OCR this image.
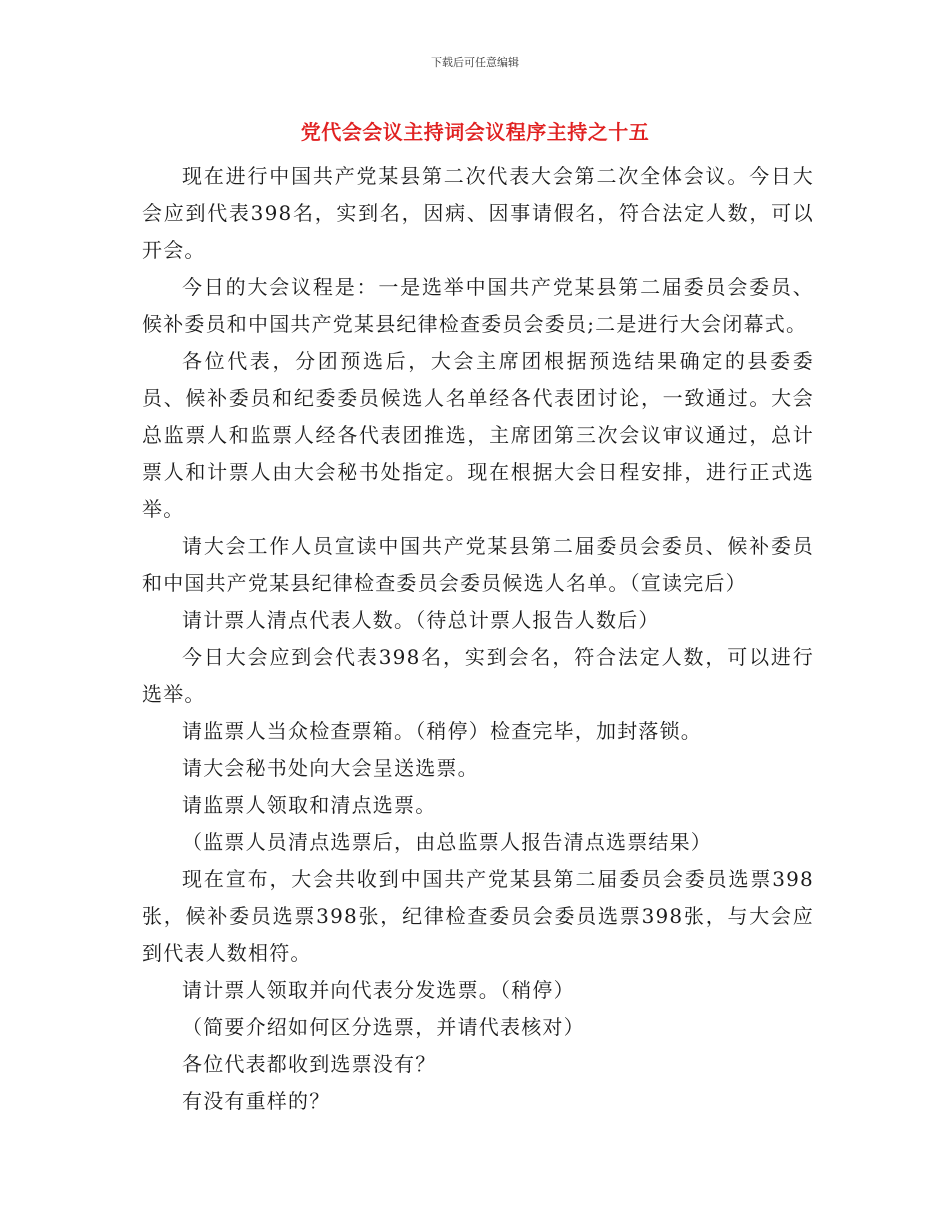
下载后可任意编辑
党代会会议主持词会议程序主持之十五

现在进行中国共产党某县第二次代表大会第二次全体会议。今日大会应到代表398名，实到名，因病、因事请假名，符合法定人数，可以开会。

今日的大会议程是：一是选举中国共产党某县第二届委员会委员、候补委员和中国共产党某县纪律检查委员会委员;二是进行大会闭幕式。

各位代表，分团预选后，大会主席团根据预选结果确定的县委委员、候补委员和纪委委员候选人名单经各代表团讨论，一致通过。大会总监票人和监票人经各代表团推选，主席团第三次会议审议通过，总计票人和计票人由大会秘书处指定。现在根据大会日程安排，进行正式选举。

请大会工作人员宣读中国共产党某县第二届委员会委员、候补委员和中国共产党某县纪律检查委员会委员候选人名单。（宣读完后）

请计票人清点代表人数。（待总计票人报告人数后）

今日大会应到会代表398名，实到会名，符合法定人数，可以进行选举。

请监票人当众检查票箱。（稍停）检查完毕，加封落锁。

请大会秘书处向大会呈送选票。

请监票人领取和清点选票。

（监票人员清点选票后，由总监票人报告清点选票结果）

现在宣布，大会共收到中国共产党某县第二届委员会委员选票398张，候补委员选票398张，纪律检查委员会委员选票398张，与大会应到代表人数相符。

请计票人领取并向代表分发选票。（稍停）

（简要介绍如何区分选票，并请代表核对）

各位代表都收到选票没有？

有没有重样的？
